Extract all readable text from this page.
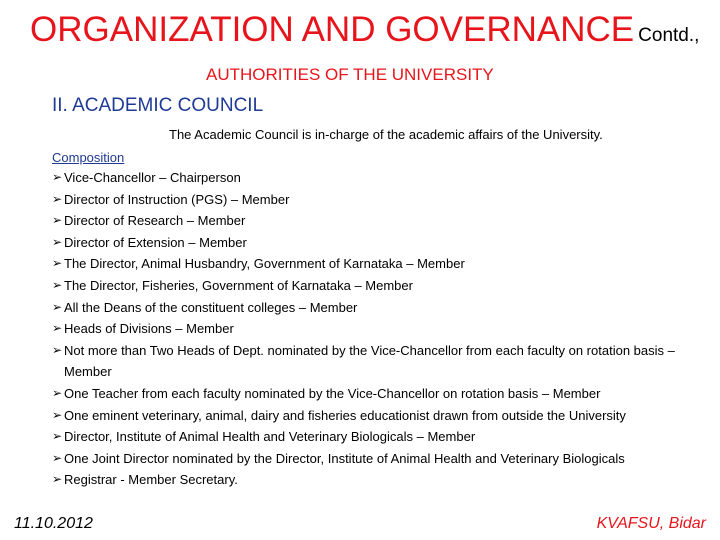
ORGANIZATION AND GOVERNANCE Contd.,
AUTHORITIES OF THE UNIVERSITY
II. ACADEMIC COUNCIL
The Academic Council is in-charge of the academic affairs of the University.
Composition
➢ Vice-Chancellor – Chairperson
➢ Director of Instruction (PGS) – Member
➢ Director of Research – Member
➢ Director of Extension – Member
➢ The Director, Animal Husbandry, Government of Karnataka – Member
➢ The Director, Fisheries, Government of Karnataka – Member
➢ All the Deans of the constituent colleges – Member
➢ Heads of Divisions – Member
➢ Not more than Two Heads of Dept. nominated by the Vice-Chancellor from each faculty on rotation basis – Member
➢ One Teacher from each faculty nominated by the Vice-Chancellor on rotation basis – Member
➢ One eminent veterinary, animal, dairy and fisheries educationist drawn from outside the University
➢ Director, Institute of Animal Health and Veterinary Biologicals – Member
➢ One Joint Director nominated by the Director, Institute of Animal Health and Veterinary Biologicals
➢ Registrar - Member Secretary.
11.10.2012	KVAFSU, Bidar
